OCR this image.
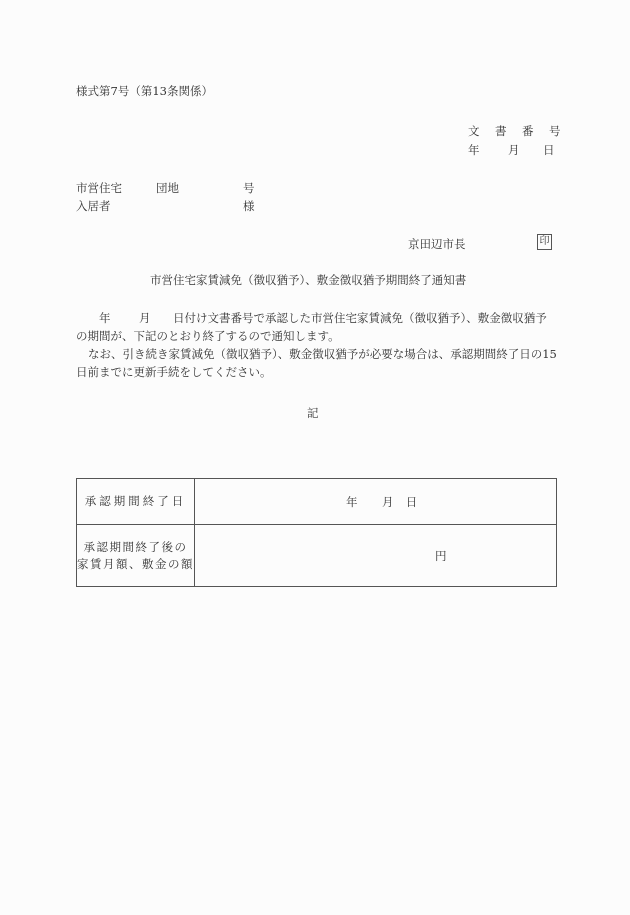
様式第7号（第13条関係）
文 書 番 号
年 月 日
市営住宅	団地	号
入居者	様
京田辺市長	印
市営住宅家賃減免（徴収猶予）、敷金徴収猶予期間終了通知書

年 月 日付け文書番号で承認した市営住宅家賃減免（徴収猶予）、敷金徴収猶予の期間が、下記のとおり終了するので通知します。

なお、引き続き家賃減免（徴収猶予）、敷金徴収猶予が必要な場合は、承認期間終了日の15日前までに更新手続をしてください。

記
承認期間終了日	年 月 日

承認期間終了後の
家賃月額、敷金の額	円
